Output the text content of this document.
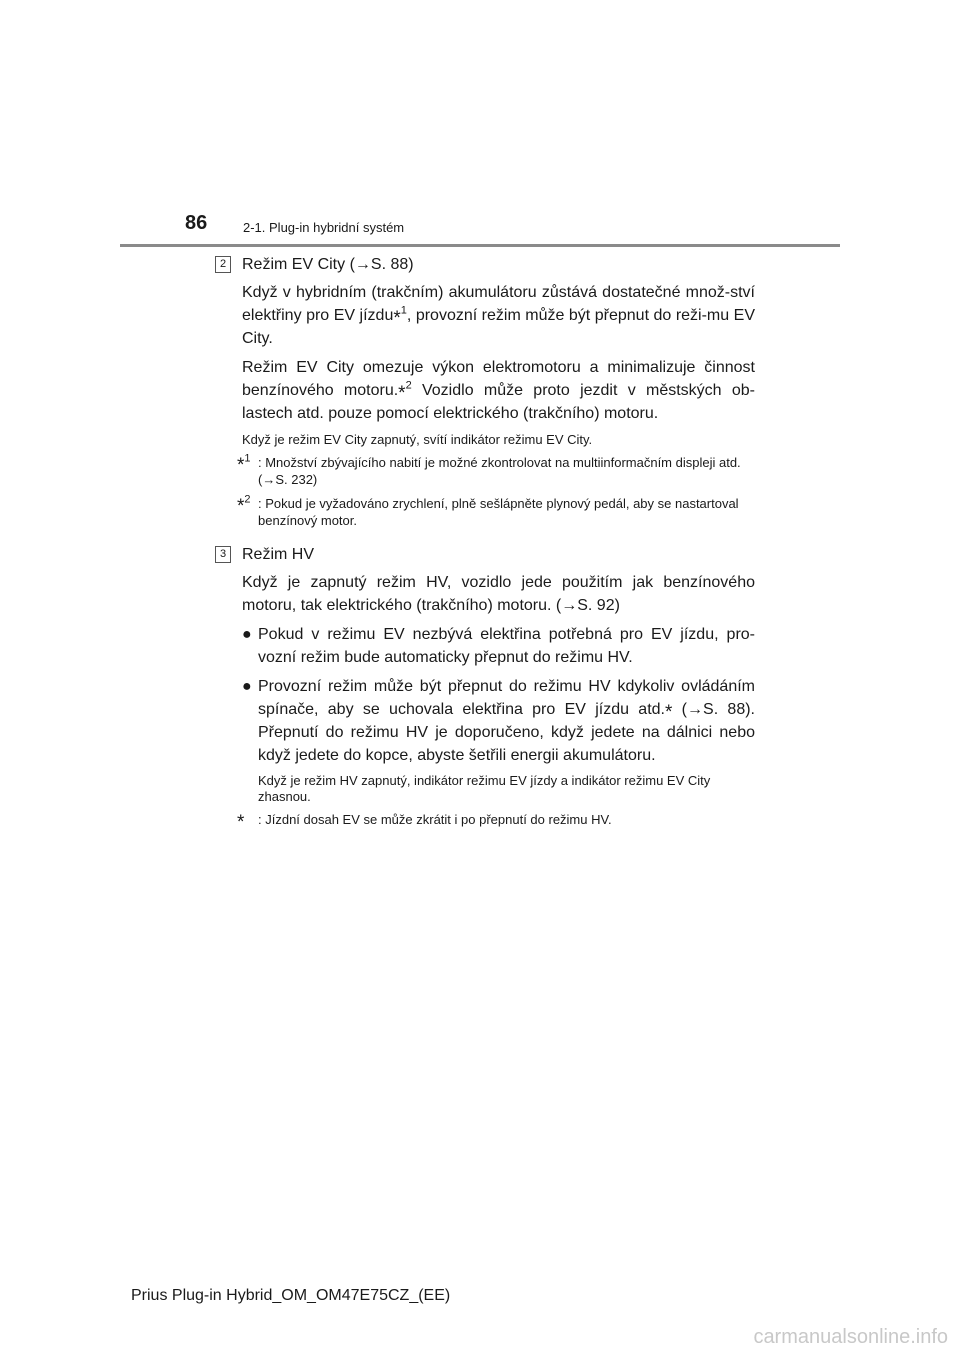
86	2-1. Plug-in hybridní systém
2 Režim EV City (→S. 88)

Když v hybridním (trakčním) akumulátoru zůstává dostatečné množ-ství elektřiny pro EV jízdu*$^1$, provozní režim může být přepnut do reži-mu EV City.

Režim EV City omezuje výkon elektromotoru a minimalizuje činnost benzínového motoru.*$^2$ Vozidlo může proto jezdit v městských ob-lastech atd. pouze pomocí elektrického (trakčního) motoru.

Když je režim EV City zapnutý, svítí indikátor režimu EV City.
*$^1$ : Množství zbývajícího nabití je možné zkontrolovat na multiinformačním displeji atd. (→S. 232)
*$^2$ : Pokud je vyžadováno zrychlení, plně sešlápněte plynový pedál, aby se nastartoval benzínový motor.
3 Režim HV

Když je zapnutý režim HV, vozidlo jede použitím jak benzínového motoru, tak elektrického (trakčního) motoru. (→S. 92)

● Pokud v režimu EV nezbývá elektřina potřebná pro EV jízdu, pro-vozní režim bude automaticky přepnut do režimu HV.
● Provozní režim může být přepnut do režimu HV kdykoliv ovládáním spínače, aby se uchovala elektřina pro EV jízdu atd.* (→S. 88). Přepnutí do režimu HV je doporučeno, když jedete na dálnici nebo když jedete do kopce, abyste šetřili energii akumulátoru.
Když je režim HV zapnutý, indikátor režimu EV jízdy a indikátor režimu EV City zhasnou.
* : Jízdní dosah EV se může zkrátit i po přepnutí do režimu HV.
Prius Plug-in Hybrid_OM_OM47E75CZ_(EE)
carmanualsonline.info
